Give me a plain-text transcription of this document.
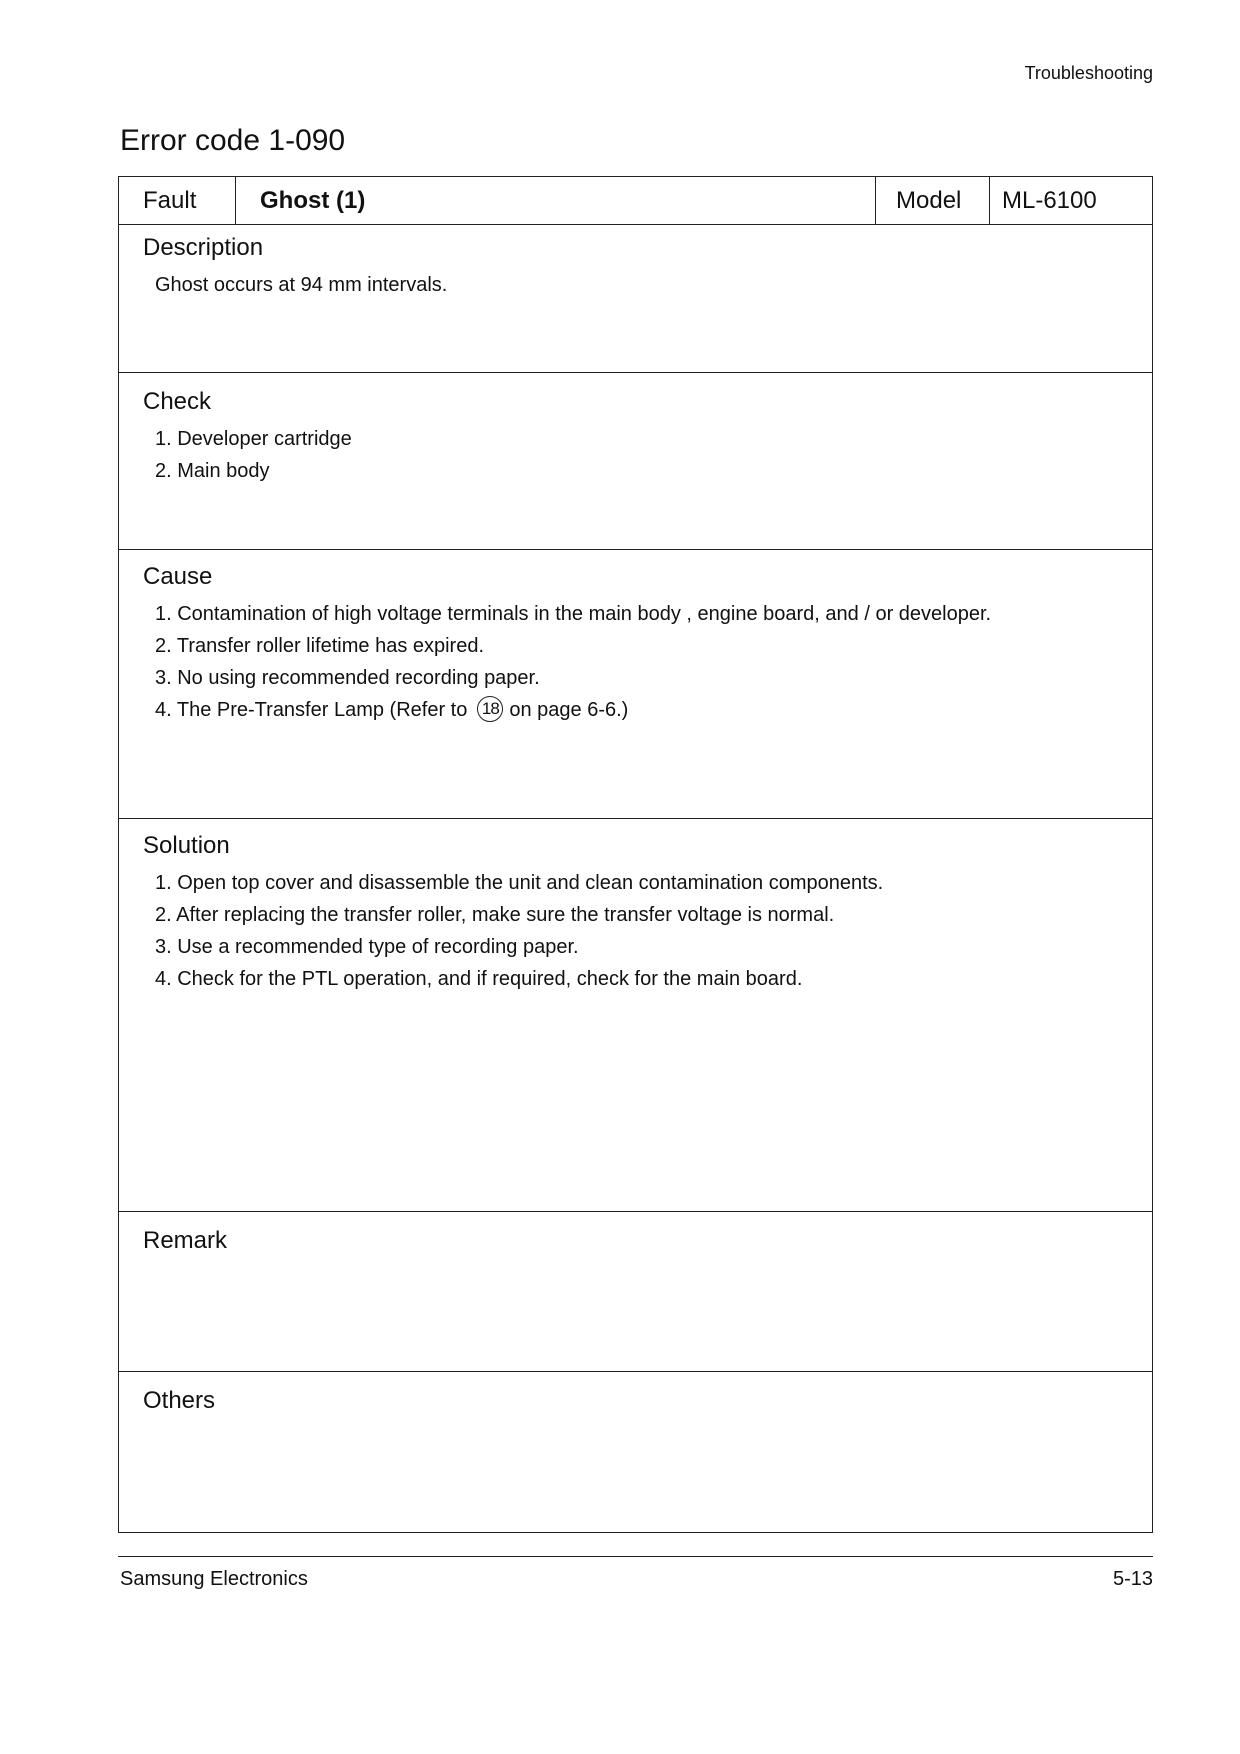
Troubleshooting
Error code 1-090
Fault	Ghost (1)	Model	ML-6100
Description
Ghost occurs at 94 mm intervals.
Check
1. Developer cartridge
2. Main body
Cause
1. Contamination of high voltage terminals in the main body , engine board, and / or developer.
2. Transfer roller lifetime has expired.
3. No using recommended recording paper.
4. The Pre-Transfer Lamp (Refer to 18 on page 6-6.)
Solution
1. Open top cover and disassemble the unit and clean contamination components.
2. After replacing the transfer roller, make sure the transfer voltage is normal.
3. Use a recommended type of recording paper.
4. Check for the PTL operation, and if required, check for the main board.
Remark
Others
Samsung Electronics	5-13
